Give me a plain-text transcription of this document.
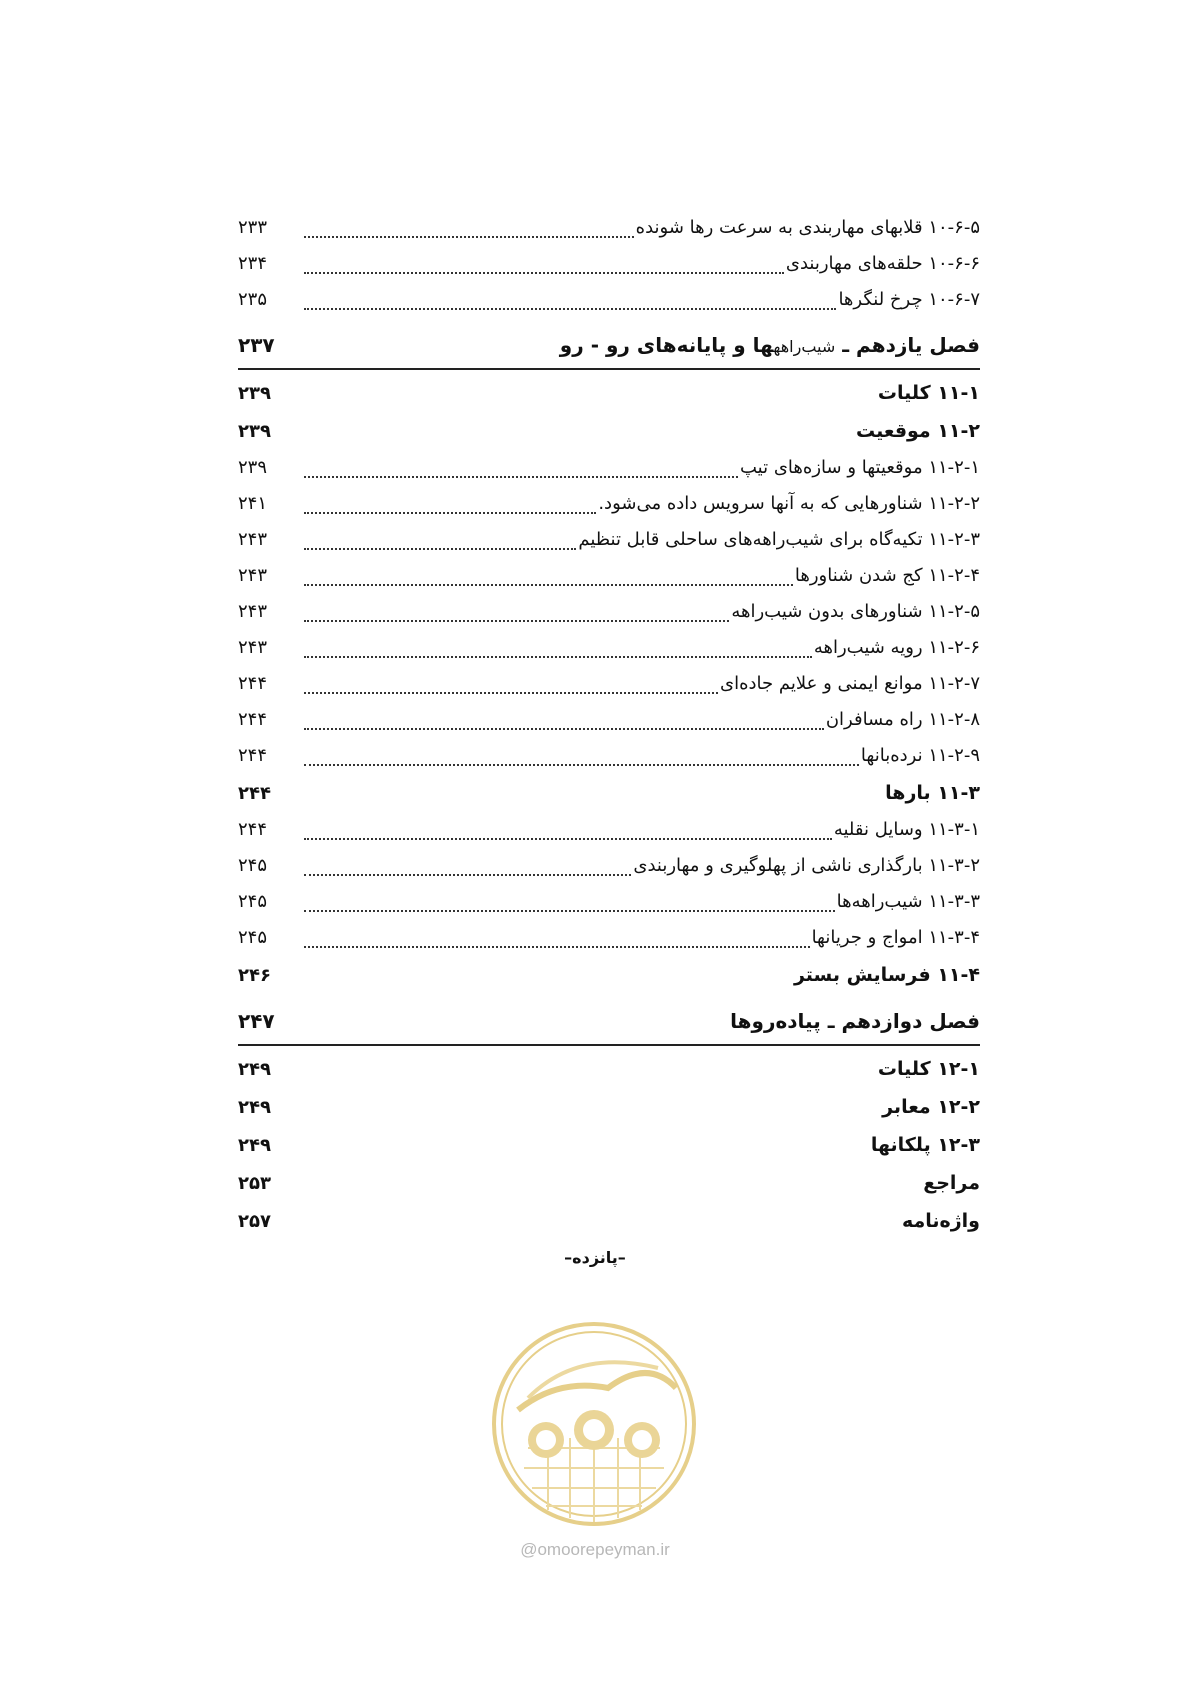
۱۰-۶-۵ قلابهای مهاربندی به سرعت رها شونده
۲۳۳
۱۰-۶-۶ حلقه‌های مهاربندی
۲۳۴
۱۰-۶-۷ چرخ لنگرها
۲۳۵
فصل یازدهم ـ شیب‌راههها و پایانه‌های رو - رو
۲۳۷
۱۱-۱ کلیات
۲۳۹
۱۱-۲ موقعیت
۲۳۹
۱۱-۲-۱ موقعیتها و سازه‌های تیپ
۲۳۹
۱۱-۲-۲ شناورهایی که به آنها سرویس داده می‌شود.
۲۴۱
۱۱-۲-۳ تکیه‌گاه برای شیب‌راهه‌های ساحلی قابل تنظیم
۲۴۳
۱۱-۲-۴ کج شدن شناورها
۲۴۳
۱۱-۲-۵ شناورهای بدون شیب‌راهه
۲۴۳
۱۱-۲-۶ رویه شیب‌راهه
۲۴۳
۱۱-۲-۷ موانع ایمنی و علایم جاده‌ای
۲۴۴
۱۱-۲-۸ راه مسافران
۲۴۴
۱۱-۲-۹ نرده‌بانها
۲۴۴
۱۱-۳ بارها
۲۴۴
۱۱-۳-۱ وسایل نقلیه
۲۴۴
۱۱-۳-۲ بارگذاری ناشی از پهلوگیری و مهاربندی
۲۴۵
۱۱-۳-۳ شیب‌راهه‌ها
۲۴۵
۱۱-۳-۴ امواج و جریانها
۲۴۵
۱۱-۴ فرسایش بستر
۲۴۶
فصل دوازدهم ـ پیاده‌روها
۲۴۷
۱۲-۱ کلیات
۲۴۹
۱۲-۲ معابر
۲۴۹
۱۲-۳ پلکانها
۲۴۹
مراجع
۲۵۳
واژه‌نامه
۲۵۷
–پانزده–
@omoorepeyman.ir
